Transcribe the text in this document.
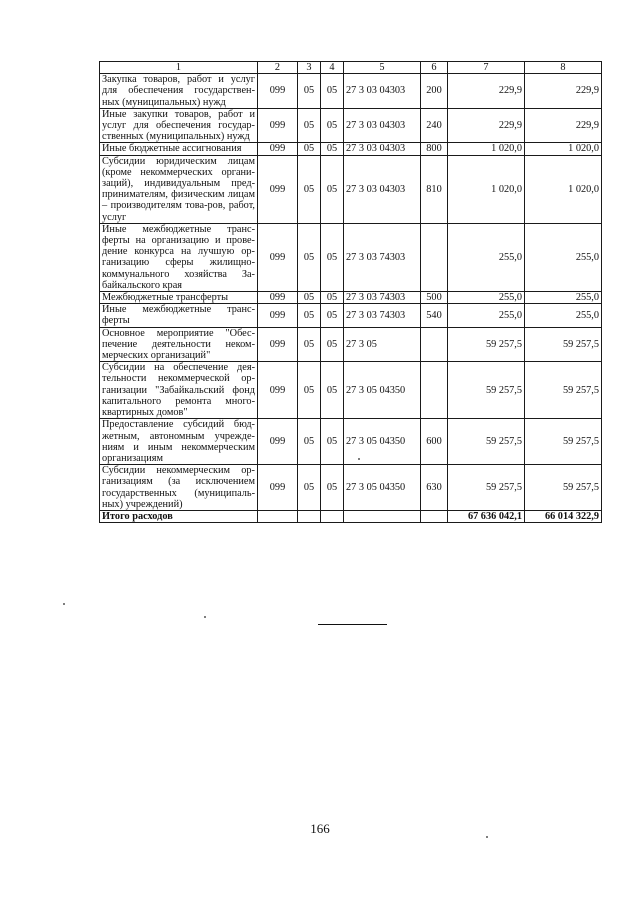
1	2	3	4	5	6	7	8
Закупка товаров, работ и услуг для обеспечения государствен-ных (муниципальных) нужд	099	05	05	27 3 03 04303	200	229,9	229,9
Иные закупки товаров, работ и услуг для обеспечения государ-ственных (муниципальных) нужд	099	05	05	27 3 03 04303	240	229,9	229,9
Иные бюджетные ассигнования	099	05	05	27 3 03 04303	800	1 020,0	1 020,0
Субсидии юридическим лицам (кроме некоммерческих органи-заций), индивидуальным пред-принимателям, физическим лицам – производителям това-ров, работ, услуг	099	05	05	27 3 03 04303	810	1 020,0	1 020,0
Иные межбюджетные транс-ферты на организацию и прове-дение конкурса на лучшую ор-ганизацию сферы жилищно-коммунального хозяйства За-байкальского края	099	05	05	27 3 03 74303		255,0	255,0
Межбюджетные трансферты	099	05	05	27 3 03 74303	500	255,0	255,0
Иные межбюджетные транс-ферты	099	05	05	27 3 03 74303	540	255,0	255,0
Основное мероприятие "Обес-печение деятельности неком-мерческих организаций"	099	05	05	27 3 05		59 257,5	59 257,5
Субсидии на обеспечение дея-тельности некоммерческой ор-ганизации "Забайкальский фонд капитального ремонта много-квартирных домов"	099	05	05	27 3 05 04350		59 257,5	59 257,5
Предоставление субсидий бюд-жетным, автономным учрежде-ниям и иным некоммерческим организациям	099	05	05	27 3 05 04350	600	59 257,5	59 257,5
Субсидии некоммерческим ор-ганизациям (за исключением государственных (муниципаль-ных) учреждений)	099	05	05	27 3 05 04350	630	59 257,5	59 257,5
Итого расходов						67 636 042,1	66 014 322,9
166
